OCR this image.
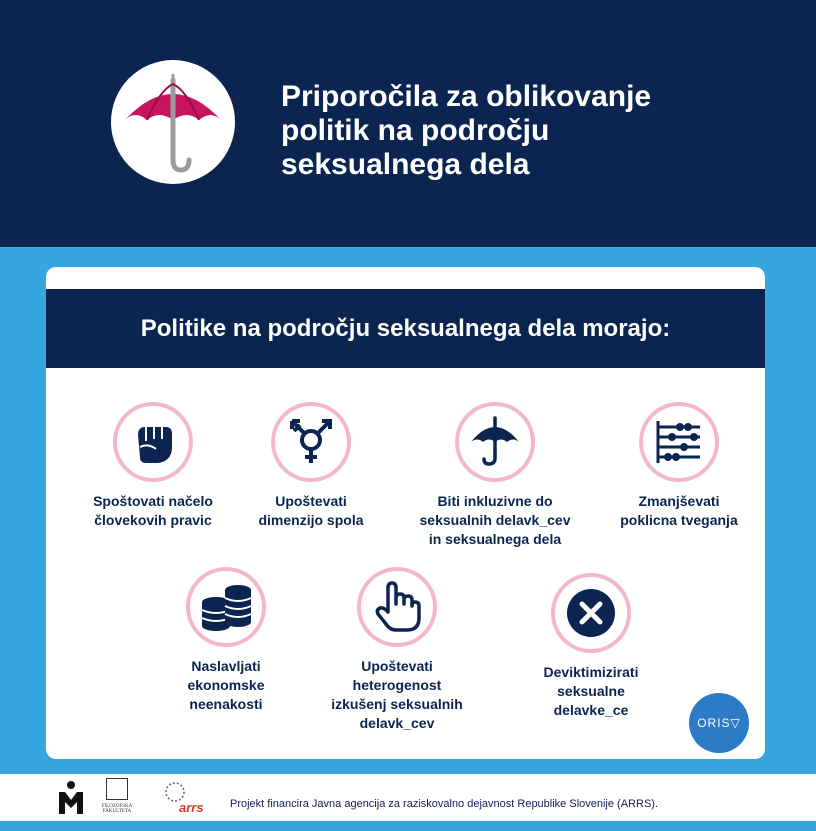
Priporočila za oblikovanje
politik na področju
seksualnega dela
Politike na področju seksualnega dela morajo:
Spoštovati načelo
človekovih pravic
Upoštevati
dimenzijo spola
Biti inkluzivne do
seksualnih delavk_cev
in seksualnega dela
Zmanjševati
poklicna tveganja
Naslavljati
ekonomske
neenakosti
Upoštevati
heterogenost
izkušenj seksualnih
delavk_cev
Deviktimizirati
seksualne
delavke_ce
ORIS ▽
FILOZOFSKA FAKULTETA	arrs Projekt financira Javna agencija za raziskovalno dejavnost Republike Slovenije (ARRS).
